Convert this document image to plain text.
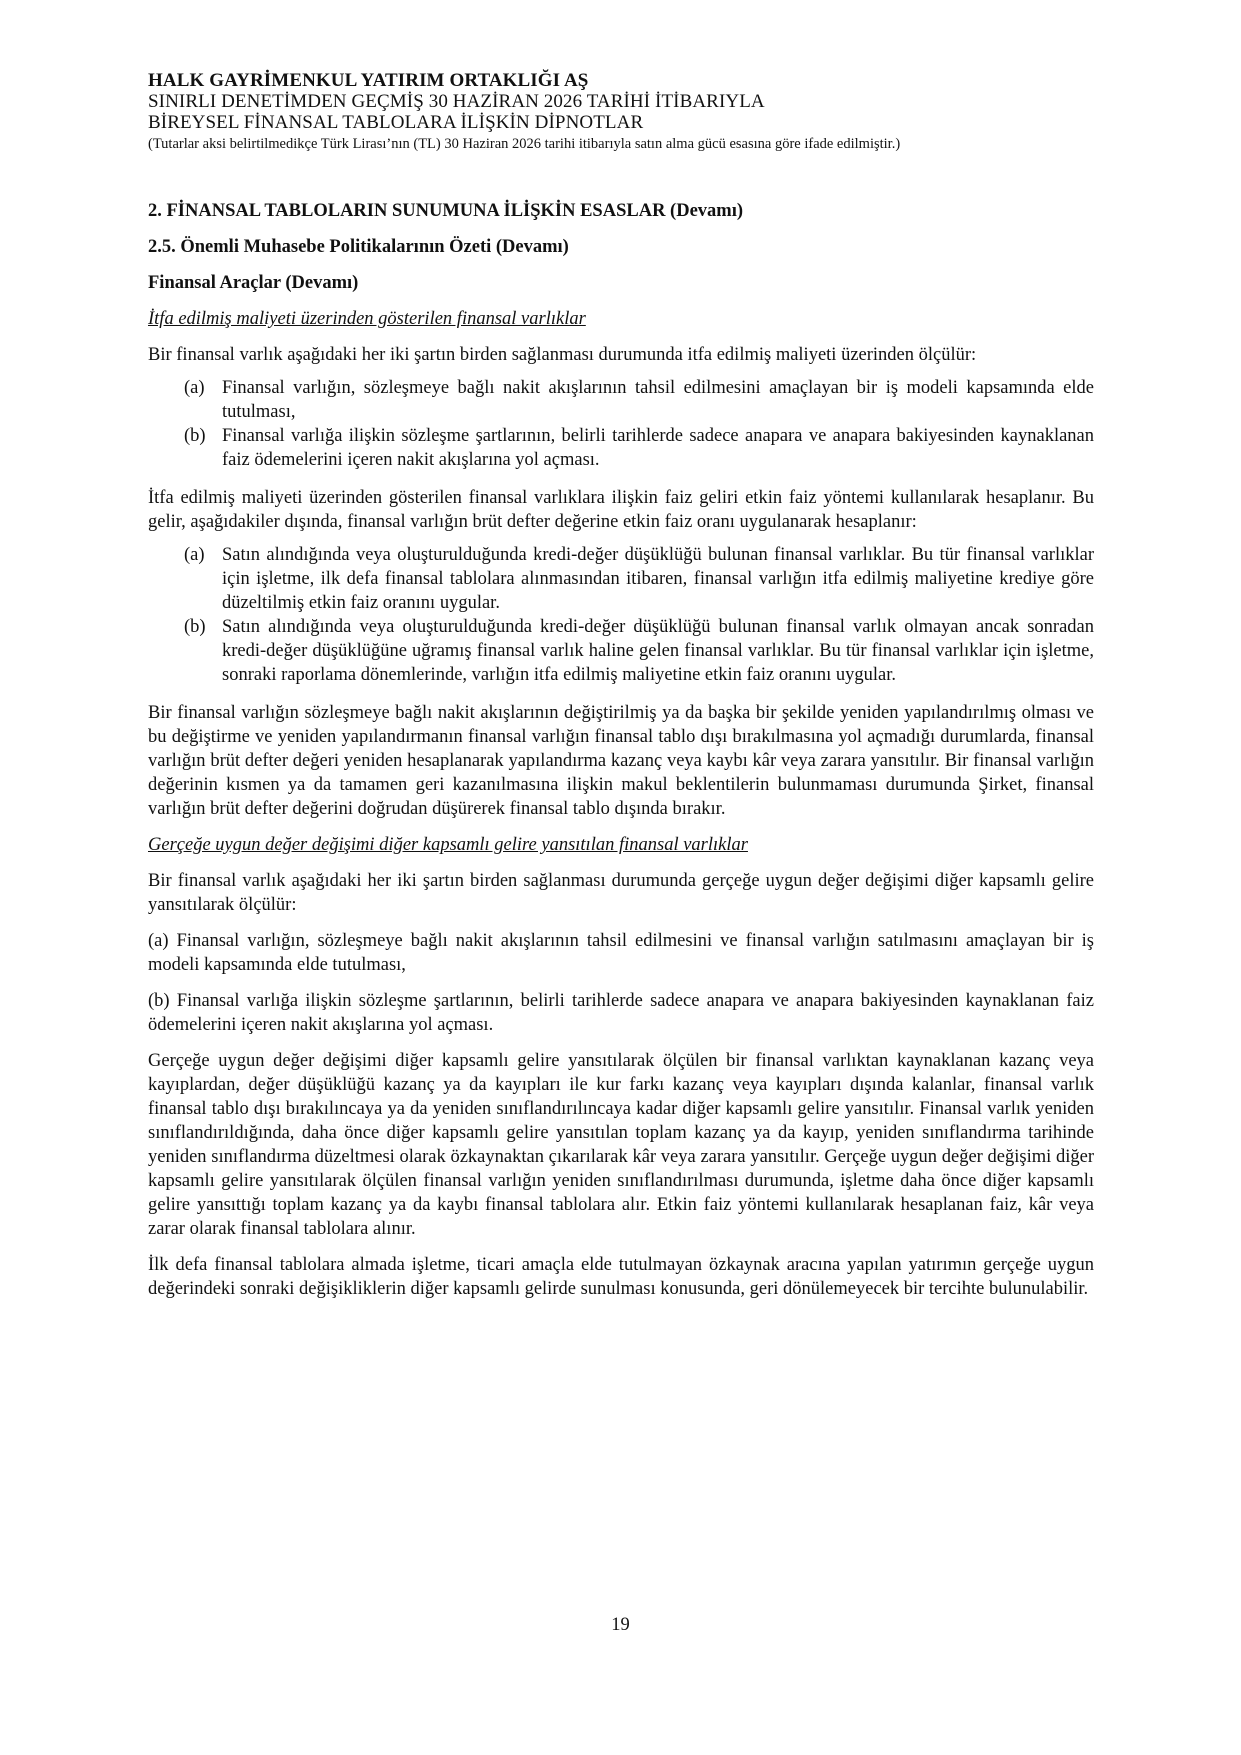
HALK GAYRİMENKUL YATIRIM ORTAKLIĞI AŞ
SINIRLI DENETİMDEN GEÇMİŞ 30 HAZİRAN 2026 TARİHİ İTİBARIYLA
BİREYSEL FİNANSAL TABLOLARA İLİŞKİN DİPNOTLAR
(Tutarlar aksi belirtilmedikçe Türk Lirası’nın (TL) 30 Haziran 2026 tarihi itibarıyla satın alma gücü esasına göre ifade edilmiştir.)
2. FİNANSAL TABLOLARIN SUNUMUNA İLİŞKİN ESASLAR (Devamı)
2.5. Önemli Muhasebe Politikalarının Özeti (Devamı)
Finansal Araçlar (Devamı)
İtfa edilmiş maliyeti üzerinden gösterilen finansal varlıklar

Bir finansal varlık aşağıdaki her iki şartın birden sağlanması durumunda itfa edilmiş maliyeti üzerinden ölçülür:

(a) Finansal varlığın, sözleşmeye bağlı nakit akışlarının tahsil edilmesini amaçlayan bir iş modeli kapsamında elde tutulması,
(b) Finansal varlığa ilişkin sözleşme şartlarının, belirli tarihlerde sadece anapara ve anapara bakiyesinden kaynaklanan faiz ödemelerini içeren nakit akışlarına yol açması.

İtfa edilmiş maliyeti üzerinden gösterilen finansal varlıklara ilişkin faiz geliri etkin faiz yöntemi kullanılarak hesaplanır. Bu gelir, aşağıdakiler dışında, finansal varlığın brüt defter değerine etkin faiz oranı uygulanarak hesaplanır:

(a) Satın alındığında veya oluşturulduğunda kredi-değer düşüklüğü bulunan finansal varlıklar. Bu tür finansal varlıklar için işletme, ilk defa finansal tablolara alınmasından itibaren, finansal varlığın itfa edilmiş maliyetine krediye göre düzeltilmiş etkin faiz oranını uygular.
(b) Satın alındığında veya oluşturulduğunda kredi-değer düşüklüğü bulunan finansal varlık olmayan ancak sonradan kredi-değer düşüklüğüne uğramış finansal varlık haline gelen finansal varlıklar. Bu tür finansal varlıklar için işletme, sonraki raporlama dönemlerinde, varlığın itfa edilmiş maliyetine etkin faiz oranını uygular.

Bir finansal varlığın sözleşmeye bağlı nakit akışlarının değiştirilmiş ya da başka bir şekilde yeniden yapılandırılmış olması ve bu değiştirme ve yeniden yapılandırmanın finansal varlığın finansal tablo dışı bırakılmasına yol açmadığı durumlarda, finansal varlığın brüt defter değeri yeniden hesaplanarak yapılandırma kazanç veya kaybı kâr veya zarara yansıtılır. Bir finansal varlığın değerinin kısmen ya da tamamen geri kazanılmasına ilişkin makul beklentilerin bulunmaması durumunda Şirket, finansal varlığın brüt defter değerini doğrudan düşürerek finansal tablo dışında bırakır.

Gerçeğe uygun değer değişimi diğer kapsamlı gelire yansıtılan finansal varlıklar

Bir finansal varlık aşağıdaki her iki şartın birden sağlanması durumunda gerçeğe uygun değer değişimi diğer kapsamlı gelire yansıtılarak ölçülür:

(a) Finansal varlığın, sözleşmeye bağlı nakit akışlarının tahsil edilmesini ve finansal varlığın satılmasını amaçlayan bir iş modeli kapsamında elde tutulması,

(b) Finansal varlığa ilişkin sözleşme şartlarının, belirli tarihlerde sadece anapara ve anapara bakiyesinden kaynaklanan faiz ödemelerini içeren nakit akışlarına yol açması.

Gerçeğe uygun değer değişimi diğer kapsamlı gelire yansıtılarak ölçülen bir finansal varlıktan kaynaklanan kazanç veya kayıplardan, değer düşüklüğü kazanç ya da kayıpları ile kur farkı kazanç veya kayıpları dışında kalanlar, finansal varlık finansal tablo dışı bırakılıncaya ya da yeniden sınıflandırılıncaya kadar diğer kapsamlı gelire yansıtılır. Finansal varlık yeniden sınıflandırıldığında, daha önce diğer kapsamlı gelire yansıtılan toplam kazanç ya da kayıp, yeniden sınıflandırma tarihinde yeniden sınıflandırma düzeltmesi olarak özkaynaktan çıkarılarak kâr veya zarara yansıtılır. Gerçeğe uygun değer değişimi diğer kapsamlı gelire yansıtılarak ölçülen finansal varlığın yeniden sınıflandırılması durumunda, işletme daha önce diğer kapsamlı gelire yansıttığı toplam kazanç ya da kaybı finansal tablolara alır. Etkin faiz yöntemi kullanılarak hesaplanan faiz, kâr veya zarar olarak finansal tablolara alınır.

İlk defa finansal tablolara almada işletme, ticari amaçla elde tutulmayan özkaynak aracına yapılan yatırımın gerçeğe uygun değerindeki sonraki değişikliklerin diğer kapsamlı gelirde sunulması konusunda, geri dönülemeyecek bir tercihte bulunulabilir.

19
